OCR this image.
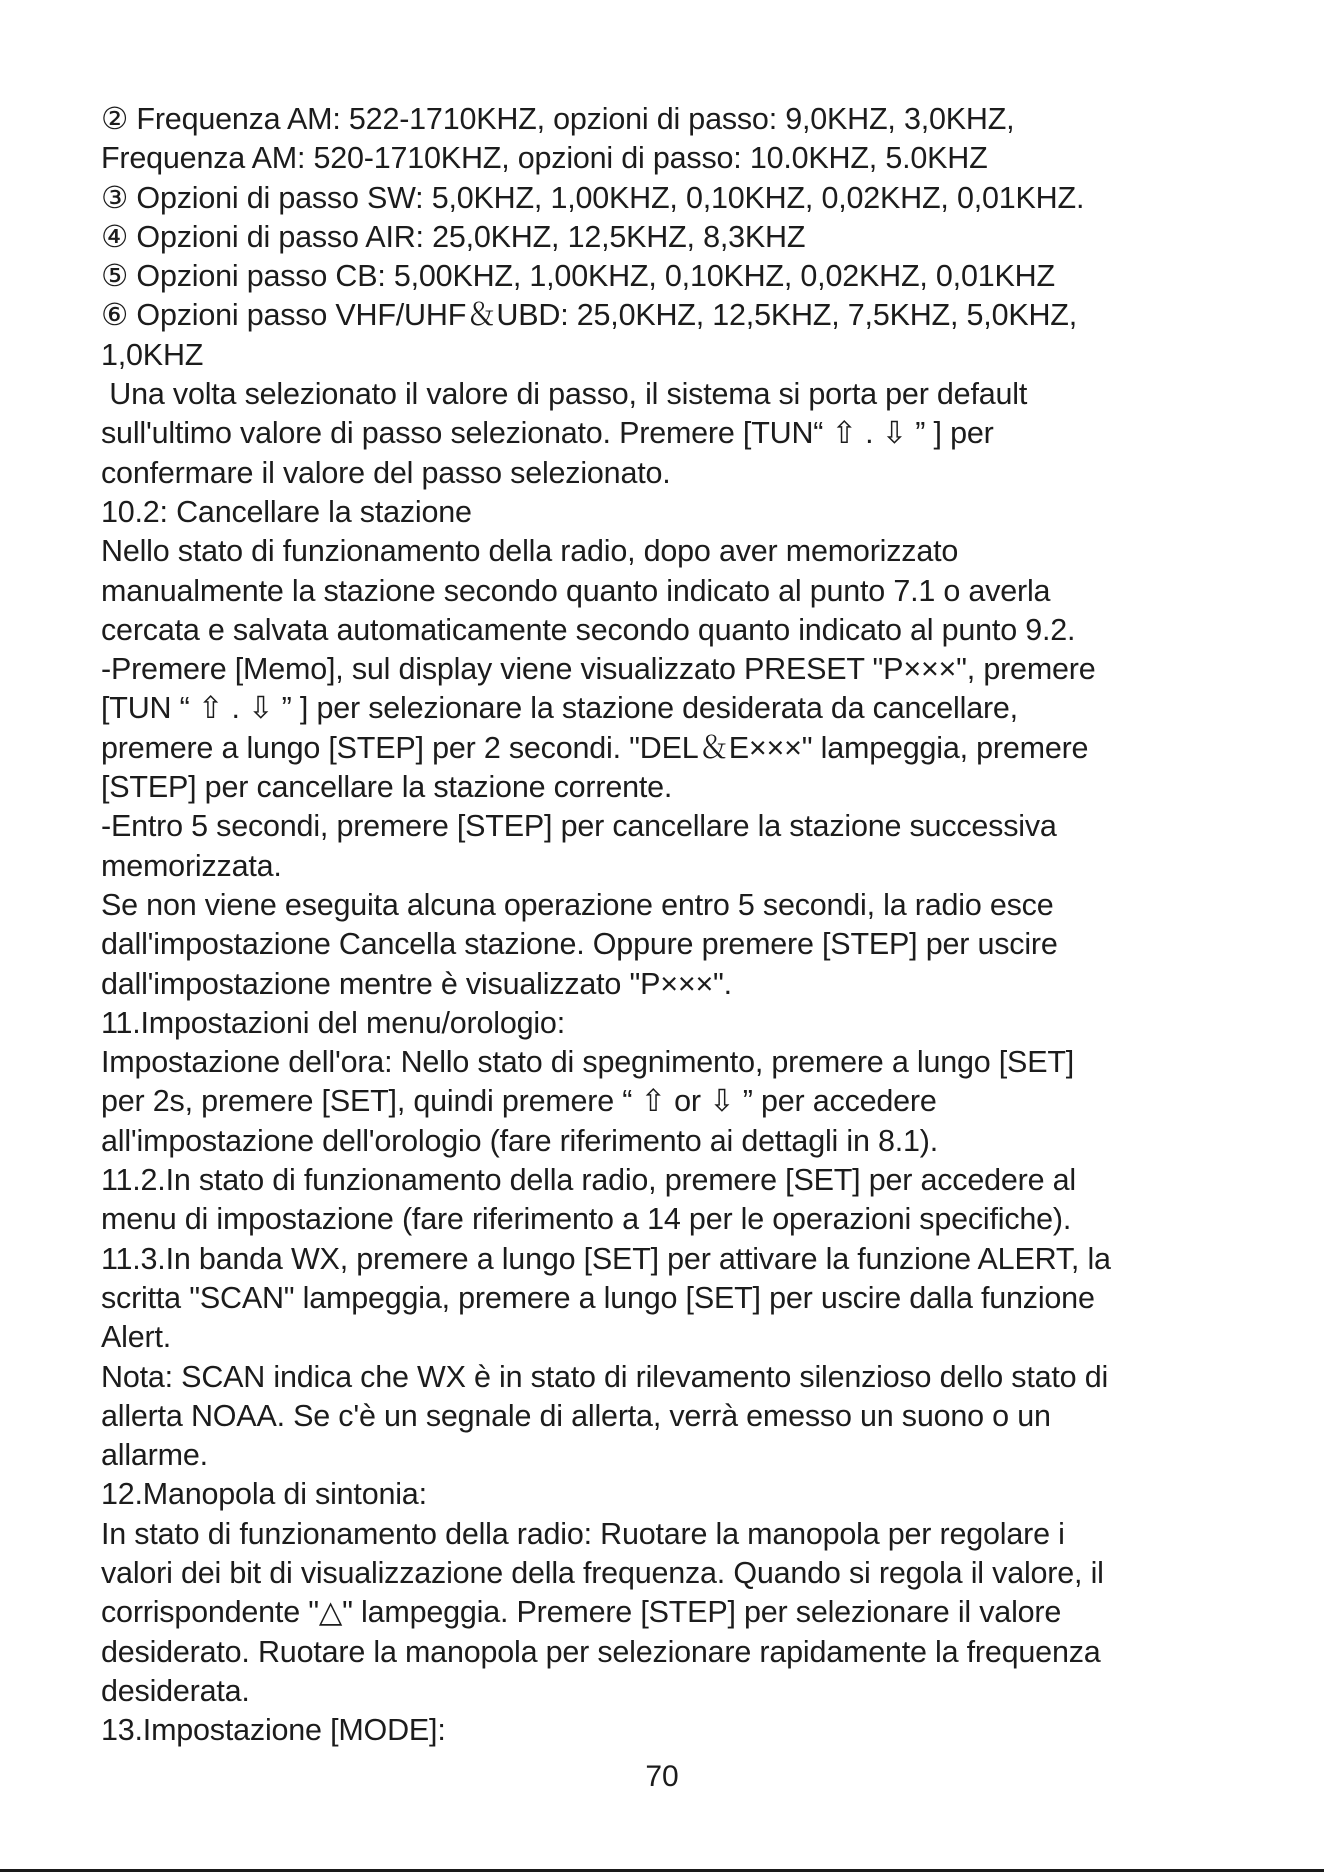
② Frequenza AM: 522-1710KHZ, opzioni di passo: 9,0KHZ, 3,0KHZ,
Frequenza AM: 520-1710KHZ, opzioni di passo: 10.0KHZ, 5.0KHZ
③ Opzioni di passo SW: 5,0KHZ, 1,00KHZ, 0,10KHZ, 0,02KHZ, 0,01KHZ.
④ Opzioni di passo AIR: 25,0KHZ, 12,5KHZ, 8,3KHZ
⑤ Opzioni passo CB: 5,00KHZ, 1,00KHZ, 0,10KHZ, 0,02KHZ, 0,01KHZ
⑥ Opzioni passo VHF/UHF＆UBD: 25,0KHZ, 12,5KHZ, 7,5KHZ, 5,0KHZ,
1,0KHZ
Una volta selezionato il valore di passo, il sistema si porta per default
sull'ultimo valore di passo selezionato. Premere [TUN“ ⇧ . ⇩ ” ] per
confermare il valore del passo selezionato.
10.2: Cancellare la stazione
Nello stato di funzionamento della radio, dopo aver memorizzato
manualmente la stazione secondo quanto indicato al punto 7.1 o averla
cercata e salvata automaticamente secondo quanto indicato al punto 9.2.
-Premere [Memo], sul display viene visualizzato PRESET "P×××", premere
[TUN “ ⇧ . ⇩ ” ] per selezionare la stazione desiderata da cancellare,
premere a lungo [STEP] per 2 secondi. "DEL＆E×××" lampeggia, premere
[STEP] per cancellare la stazione corrente.
-Entro 5 secondi, premere [STEP] per cancellare la stazione successiva
memorizzata.
Se non viene eseguita alcuna operazione entro 5 secondi, la radio esce
dall'impostazione Cancella stazione. Oppure premere [STEP] per uscire
dall'impostazione mentre è visualizzato "P×××".
11.Impostazioni del menu/orologio:
Impostazione dell'ora: Nello stato di spegnimento, premere a lungo [SET]
per 2s, premere [SET], quindi premere “ ⇧ or ⇩ ” per accedere
all'impostazione dell'orologio (fare riferimento ai dettagli in 8.1).
11.2.In stato di funzionamento della radio, premere [SET] per accedere al
menu di impostazione (fare riferimento a 14 per le operazioni specifiche).
11.3.In banda WX, premere a lungo [SET] per attivare la funzione ALERT, la
scritta "SCAN" lampeggia, premere a lungo [SET] per uscire dalla funzione
Alert.
Nota: SCAN indica che WX è in stato di rilevamento silenzioso dello stato di
allerta NOAA. Se c'è un segnale di allerta, verrà emesso un suono o un
allarme.
12.Manopola di sintonia:
In stato di funzionamento della radio: Ruotare la manopola per regolare i
valori dei bit di visualizzazione della frequenza. Quando si regola il valore, il
corrispondente "△" lampeggia. Premere [STEP] per selezionare il valore
desiderato. Ruotare la manopola per selezionare rapidamente la frequenza
desiderata.
13.Impostazione [MODE]:
70
